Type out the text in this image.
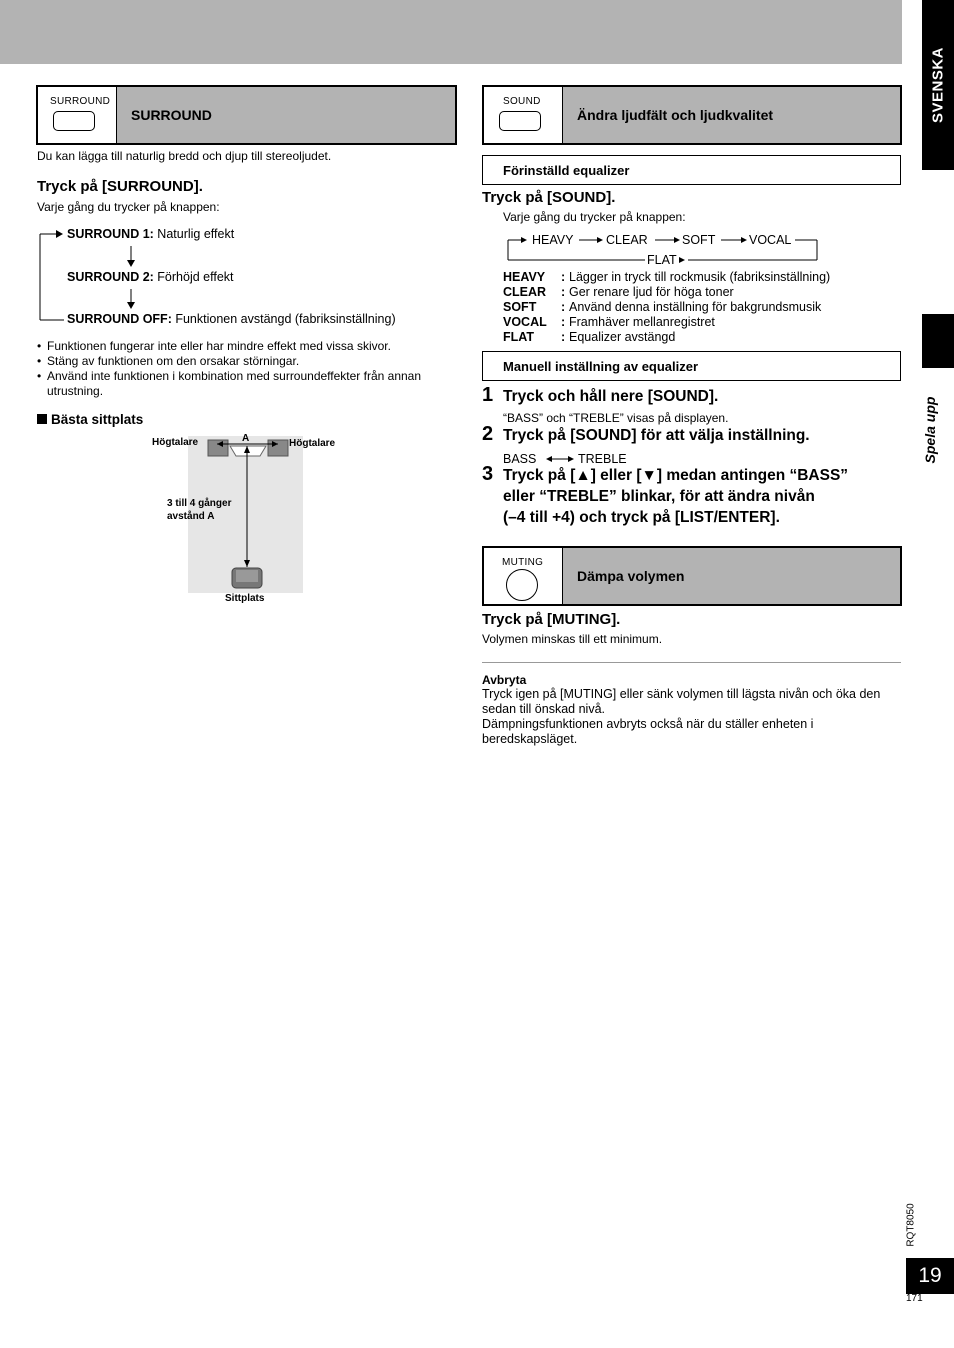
SVENSKA
Spela upp
SURROUND
SURROUND
Du kan lägga till naturlig bredd och djup till stereoljudet.
Tryck på [SURROUND].
Varje gång du trycker på knappen:
SURROUND 1: Naturlig effekt
SURROUND 2: Förhöjd effekt
SURROUND OFF: Funktionen avstängd (fabriksinställning)
• Funktionen fungerar inte eller har mindre effekt med vissa skivor.
• Stäng av funktionen om den orsakar störningar.
• Använd inte funktionen i kombination med surroundeffekter från annan utrustning.
Bästa sittplats
Högtalare	Högtalare
A
3 till 4 gånger
avstånd A
Sittplats
SOUND
Ändra ljudfält och ljudkvalitet
Förinställd equalizer
Tryck på [SOUND].
Varje gång du trycker på knappen:
HEAVY	CLEAR	SOFT	VOCAL
FLAT
HEAVY	: Lägger in tryck till rockmusik (fabriksinställning)
CLEAR	: Ger renare ljud för höga toner
SOFT	: Använd denna inställning för bakgrundsmusik
VOCAL	: Framhäver mellanregistret
FLAT	: Equalizer avstängd
Manuell inställning av equalizer
1 Tryck och håll nere [SOUND].
“BASS” och “TREBLE” visas på displayen.
2 Tryck på [SOUND] för att välja inställning.
BASS	TREBLE
3 Tryck på [▲] eller [▼] medan antingen “BASS”
eller “TREBLE” blinkar, för att ändra nivån
(–4 till +4) och tryck på [LIST/ENTER].
MUTING
Dämpa volymen
Tryck på [MUTING].
Volymen minskas till ett minimum.
Avbryta
Tryck igen på [MUTING] eller sänk volymen till lägsta nivån och öka den
sedan till önskad nivå.
Dämpningsfunktionen avbryts också när du ställer enheten i
beredskapsläget.
RQT8050
19
171
